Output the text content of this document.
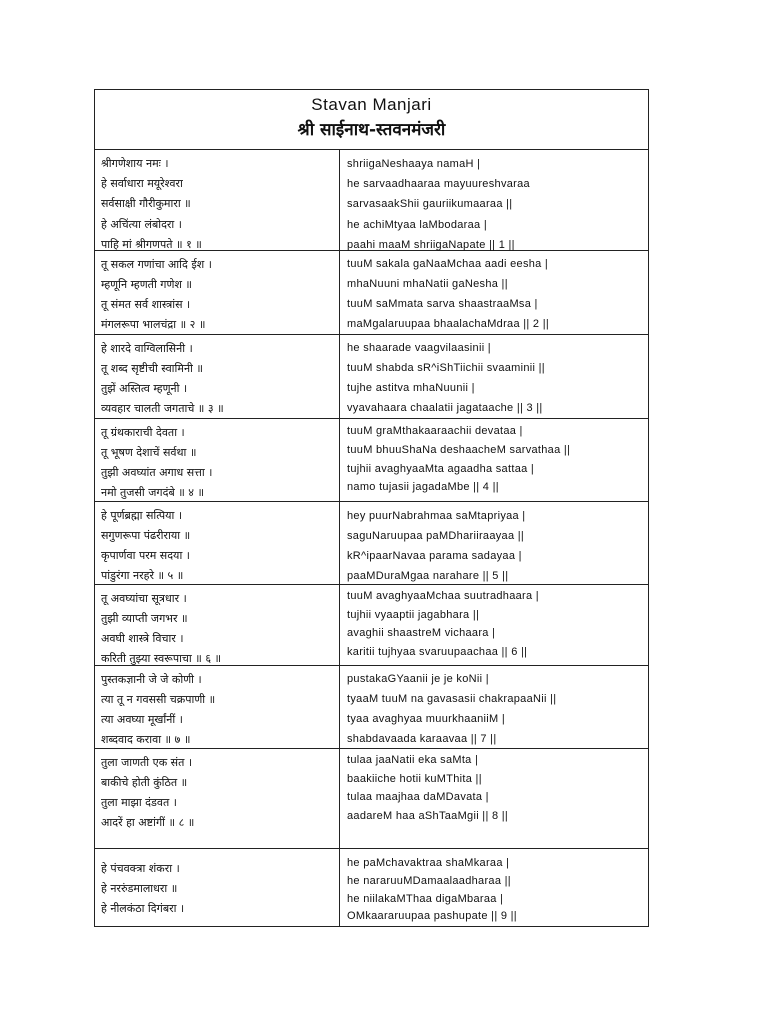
Stavan Manjari
श्री साईनाथ-स्तवनमंजरी
श्रीगणेशाय नमः ।
हे सर्वाधारा मयूरेश्वरा
सर्वसाक्षी गौरीकुमारा ॥
हे अचिंत्या लंबोदरा ।
पाहि मां श्रीगणपते ॥ १ ॥
shriigaNeshaaya namaH |
he sarvaadhaaraa mayuureshvaraa
sarvasaakShii gauriikumaaraa ||
he achiMtyaa laMbodaraa |
paahi maaM shriigaNapate || 1 ||
तू सकल गणांचा आदि ईश ।
म्हणूनि म्हणती गणेश ॥
तू संमत सर्व शास्त्रांस ।
मंगलरूपा भालचंद्रा ॥ २ ॥
tuuM sakala gaNaaMchaa aadi eesha |
mhaNuuni mhaNatii gaNesha ||
tuuM saMmata sarva shaastraaMsa |
maMgalaruupaa bhaalachaMdraa || 2 ||
हे शारदे वाग्विलासिनी ।
तू शब्द सृष्टीची स्वामिनी ॥
तुझें अस्तित्व म्हणूनी ।
व्यवहार चालती जगताचे ॥ ३ ॥
he shaarade vaagvilaasinii |
tuuM shabda sR^iShTiichii svaaminii ||
tujhe astitva mhaNuunii |
vyavahaara chaalatii jagataache || 3 ||
तू ग्रंथकाराची देवता ।
तू भूषण देशाचें सर्वथा ॥
तुझी अवघ्यांत अगाध सत्ता ।
नमो तुजसी जगदंबे ॥ ४ ॥
tuuM graMthakaaraachii devataa |
tuuM bhuuShaNa deshaacheM sarvathaa ||
tujhii avaghyaaMta agaadha sattaa |
namo tujasii jagadaMbe || 4 ||
हे पूर्णब्रह्मा सत्पिया ।
सगुणरूपा पंढरीराया ॥
कृपार्णवा परम सदया ।
पांडुरंगा नरहरे ॥ ५ ॥
hey puurNabrahmaa saMtapriyaa |
saguNaruupaa paMDhariiraayaa ||
kR^ipaarNavaa parama sadayaa |
paaMDuraMgaa narahare || 5 ||
तू अवघ्यांचा सूत्रधार ।
तुझी व्याप्ती जगभर ॥
अवघी शास्त्रे विचार ।
करिती तुझ्या स्वरूपाचा ॥ ६ ॥
tuuM avaghyaaMchaa suutradhaara |
tujhii vyaaptii jagabhara ||
avaghii shaastreM vichaara |
karitii tujhyaa svaruupaachaa || 6 ||
पुस्तकज्ञानी जे जे कोणी ।
त्या तू न गवससी चक्रपाणी ॥
त्या अवघ्या मूर्खांनीं ।
शब्दवाद करावा ॥ ७ ॥
pustakaGYaanii je je koNii |
tyaaM tuuM na gavasasii chakrapaaNii ||
tyaa avaghyaa muurkhaaniiM |
shabdavaada karaavaa || 7 ||
तुला जाणती एक संत ।
बाकीचे होती कुंठित ॥
तुला माझा दंडवत ।
आदरें हा अष्टांगीं ॥ ८ ॥
tulaa jaaNatii eka saMta |
baakiiche hotii kuMThita ||
tulaa maajhaa daMDavata |
aadareM haa aShTaaMgii || 8 ||
हे पंचवक्त्रा शंकरा ।
हे नररुंडमालाधरा ॥
हे नीलकंठा दिगंबरा ।
he paMchavaktraa shaMkaraa |
he nararuuMDamaalaadharaa ||
he niilakaMThaa digaMbaraa |
OMkaararuupaa pashupate || 9 ||
